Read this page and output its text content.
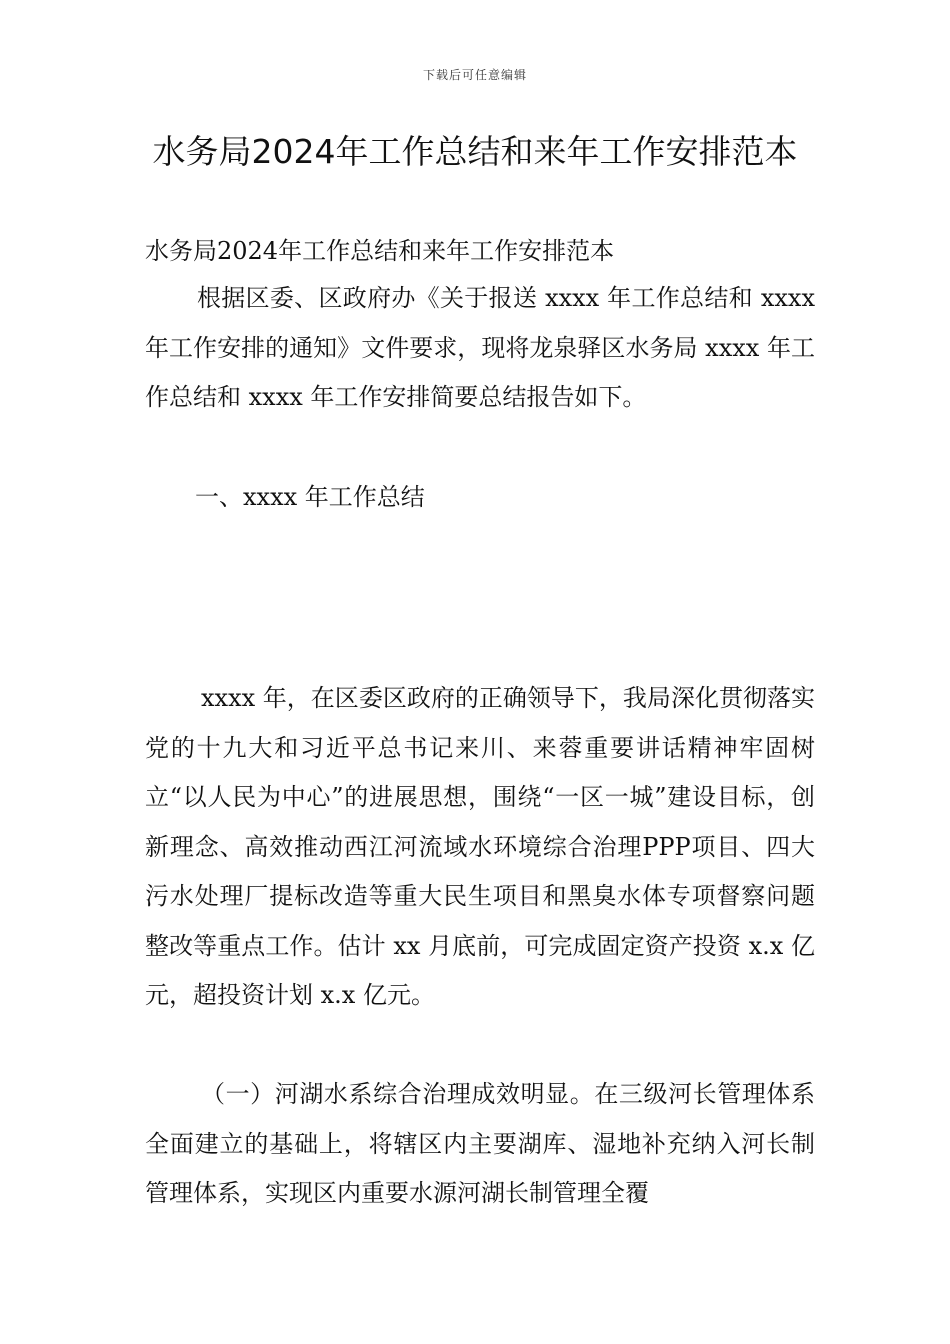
下载后可任意编辑
水务局2024年工作总结和来年工作安排范本

水务局2024年工作总结和来年工作安排范本

根据区委、区政府办《关于报送 xxxx 年工作总结和 xxxx 年工作安排的通知》文件要求，现将龙泉驿区水务局 xxxx 年工作总结和 xxxx 年工作安排简要总结报告如下。

一、xxxx 年工作总结

xxxx 年，在区委区政府的正确领导下，我局深化贯彻落实党的十九大和习近平总书记来川、来蓉重要讲话精神牢固树立“以人民为中心”的进展思想，围绕“一区一城”建设目标，创新理念、高效推动西江河流域水环境综合治理PPP项目、四大污水处理厂提标改造等重大民生项目和黑臭水体专项督察问题整改等重点工作。估计 xx 月底前，可完成固定资产投资 x.x 亿元，超投资计划 x.x 亿元。

（一）河湖水系综合治理成效明显。在三级河长管理体系全面建立的基础上，将辖区内主要湖库、湿地补充纳入河长制管理体系，实现区内重要水源河湖长制管理全覆
